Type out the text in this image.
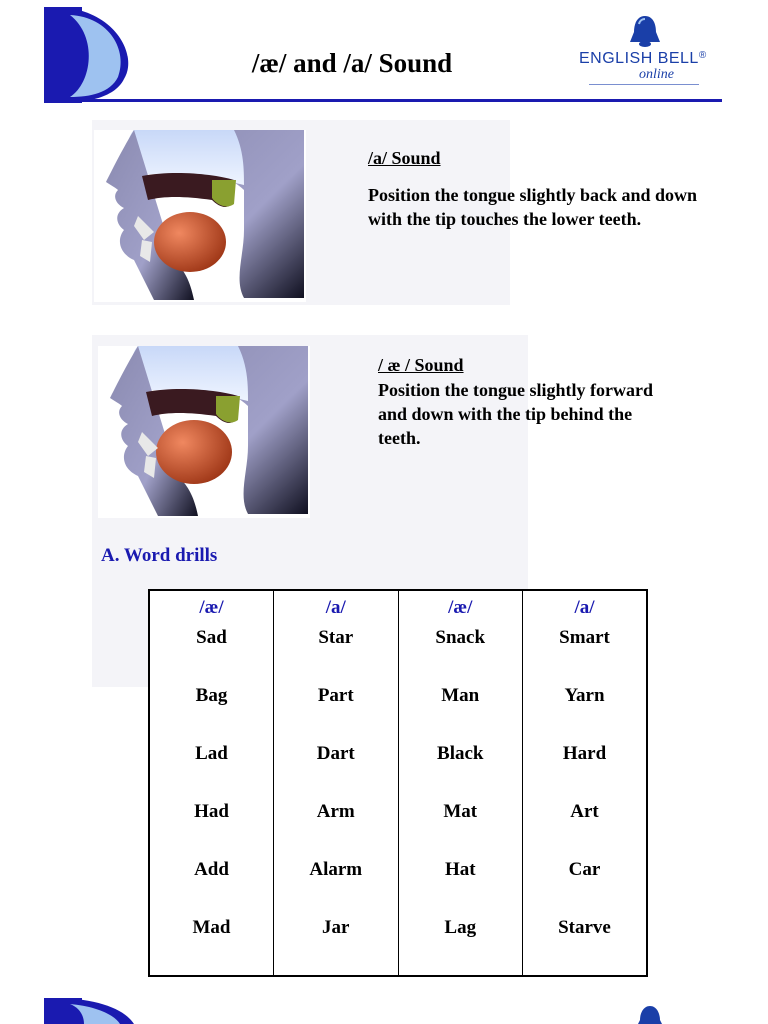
/æ/ and /a/ Sound	ENGLISH BELL®
online
/a/ Sound
Position the tongue slightly back and down with the tip touches the lower teeth.
/ æ / Sound
Position the tongue slightly forward and down with the tip behind the teeth.
A. Word drills
/æ/	/a/	/æ/	/a/
Sad	Star	Snack	Smart
Bag	Part	Man	Yarn
Lad	Dart	Black	Hard
Had	Arm	Mat	Art
Add	Alarm	Hat	Car
Mad	Jar	Lag	Starve
